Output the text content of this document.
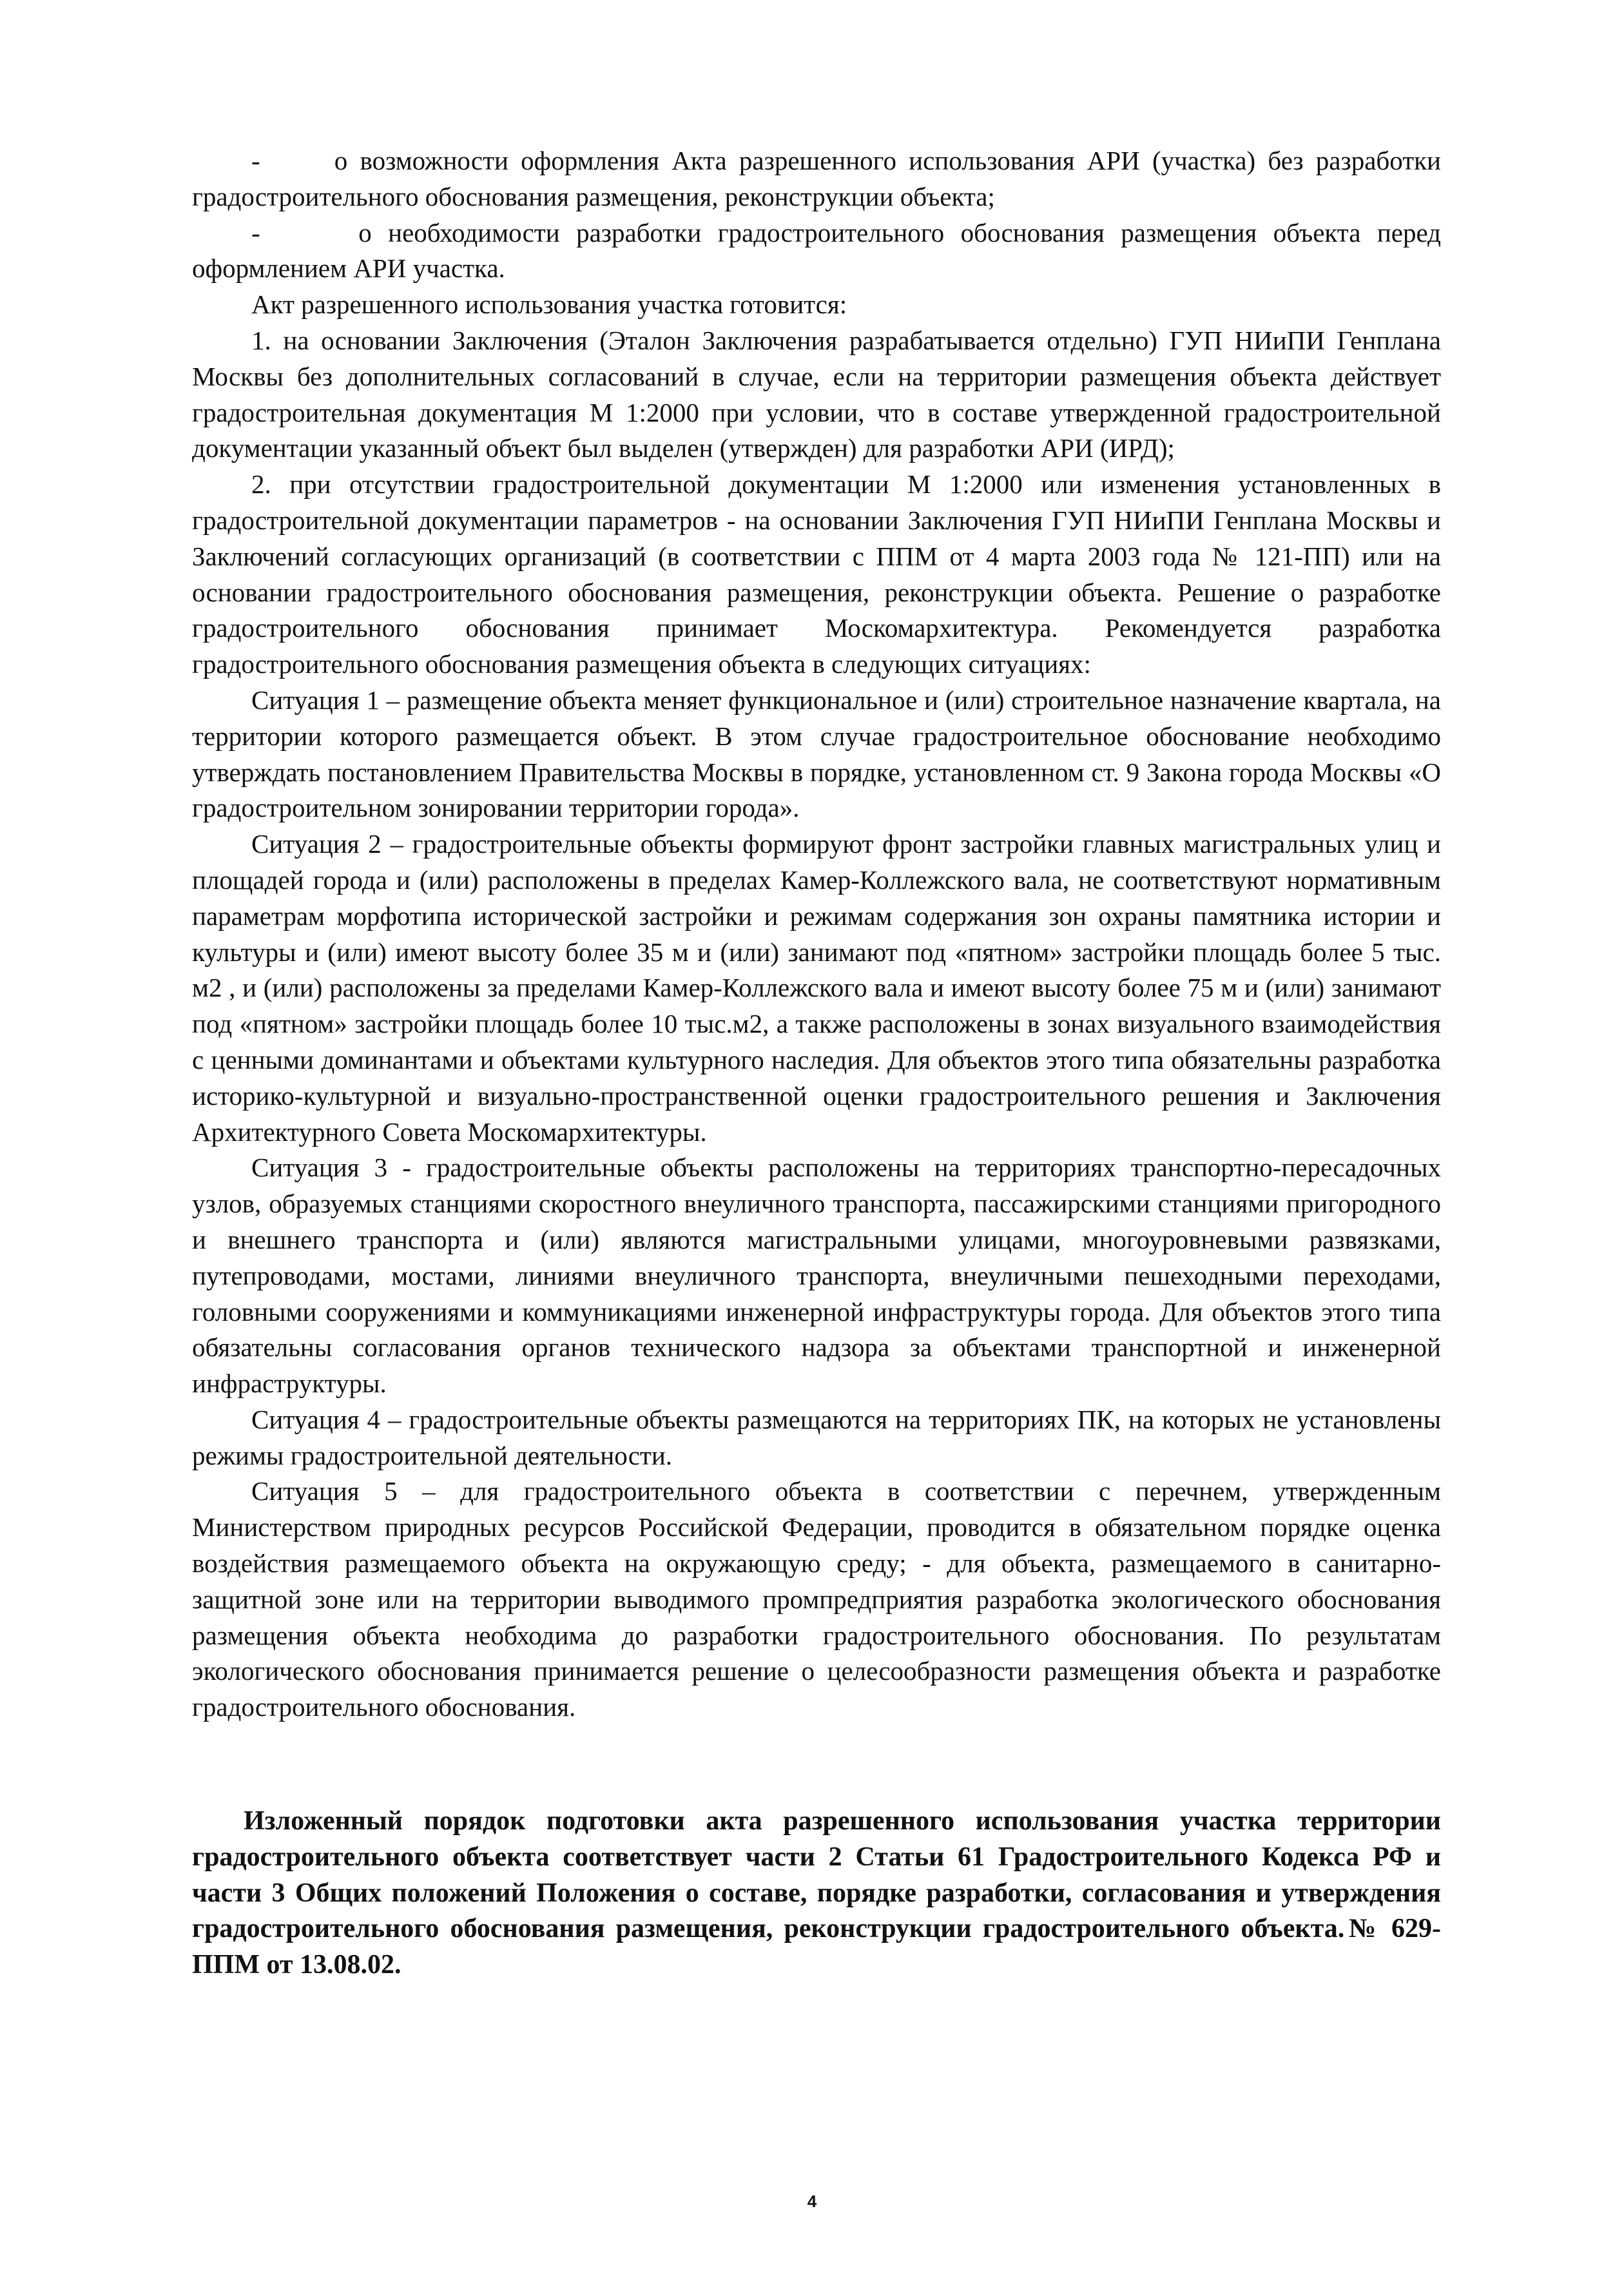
-      о возможности оформления Акта разрешенного использования АРИ (участка) без разработки градостроительного обоснования размещения, реконструкции объекта;

-      о необходимости разработки градостроительного обоснования размещения объекта перед оформлением АРИ участка.

Акт разрешенного использования участка готовится:

1. на основании Заключения (Эталон Заключения разрабатывается отдельно) ГУП НИиПИ Генплана Москвы без дополнительных согласований в случае, если на территории размещения объекта действует градостроительная документация М 1:2000 при условии, что в составе утвержденной градостроительной документации указанный объект был выделен (утвержден) для разработки АРИ (ИРД);

2. при отсутствии градостроительной документации М 1:2000 или изменения установленных в градостроительной документации параметров - на основании Заключения ГУП НИиПИ Генплана Москвы и Заключений согласующих организаций (в соответствии с ППМ от 4 марта 2003 года № 121-ПП) или на основании градостроительного обоснования размещения, реконструкции объекта. Решение о разработке градостроительного обоснования принимает Москомархитектура. Рекомендуется разработка градостроительного обоснования размещения объекта в следующих ситуациях:

Ситуация 1 – размещение объекта меняет функциональное и (или) строительное назначение квартала, на территории которого размещается объект. В этом случае градостроительное обоснование необходимо утверждать постановлением Правительства Москвы в порядке, установленном ст. 9 Закона города Москвы «О градостроительном зонировании территории города».

Ситуация 2 – градостроительные объекты формируют фронт застройки главных магистральных улиц и площадей города и (или) расположены в пределах Камер-Коллежского вала, не соответствуют нормативным параметрам морфотипа исторической застройки и режимам содержания зон охраны памятника истории и культуры и (или) имеют высоту более 35 м и (или) занимают под «пятном» застройки площадь более 5 тыс. м2 , и (или) расположены за пределами Камер-Коллежского вала и имеют высоту более 75 м и (или) занимают под «пятном» застройки площадь более 10 тыс.м2, а также расположены в зонах визуального взаимодействия с ценными доминантами и объектами культурного наследия. Для объектов этого типа обязательны разработка историко-культурной и визуально-пространственной оценки градостроительного решения и Заключения Архитектурного Совета Москомархитектуры.

Ситуация 3 - градостроительные объекты расположены на территориях транспортно-пересадочных узлов, образуемых станциями скоростного внеуличного транспорта, пассажирскими станциями пригородного и внешнего транспорта и (или) являются магистральными улицами, многоуровневыми развязками, путепроводами, мостами, линиями внеуличного транспорта, внеуличными пешеходными переходами, головными сооружениями и коммуникациями инженерной инфраструктуры города. Для объектов этого типа обязательны согласования органов технического надзора за объектами транспортной и инженерной инфраструктуры.

Ситуация 4 – градостроительные объекты размещаются на территориях ПК, на которых не установлены режимы градостроительной деятельности.

Ситуация 5 – для градостроительного объекта в соответствии с перечнем, утвержденным Министерством природных ресурсов Российской Федерации, проводится в обязательном порядке оценка воздействия размещаемого объекта на окружающую среду; - для объекта, размещаемого в санитарно-защитной зоне или на территории выводимого промпредприятия разработка экологического обоснования размещения объекта необходима до разработки градостроительного обоснования. По результатам экологического обоснования принимается решение о целесообразности размещения объекта и разработке градостроительного обоснования.

Изложенный порядок подготовки акта разрешенного использования участка территории градостроительного объекта соответствует части 2 Статьи 61 Градостроительного Кодекса РФ и части 3 Общих положений Положения о составе, порядке разработки, согласования и утверждения градостроительного обоснования размещения, реконструкции градостроительного объекта.№ 629-ППМ от 13.08.02.

4
